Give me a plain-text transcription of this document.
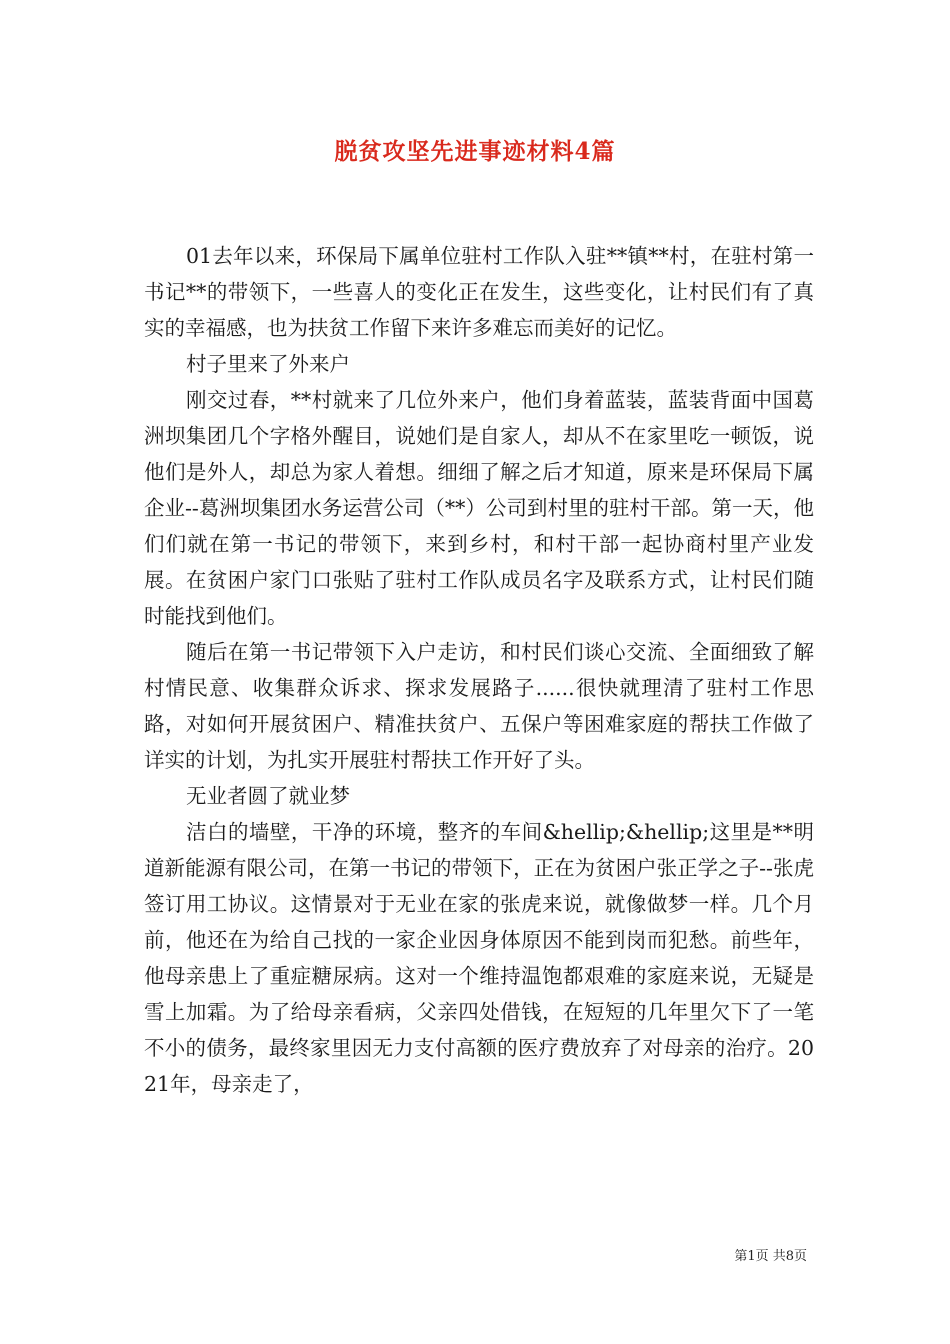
脱贫攻坚先进事迹材料4篇

01去年以来，环保局下属单位驻村工作队入驻**镇**村，在驻村第一书记**的带领下，一些喜人的变化正在发生，这些变化，让村民们有了真实的幸福感，也为扶贫工作留下来许多难忘而美好的记忆。

村子里来了外来户

刚交过春，**村就来了几位外来户，他们身着蓝装，蓝装背面中国葛洲坝集团几个字格外醒目，说她们是自家人，却从不在家里吃一顿饭，说他们是外人，却总为家人着想。细细了解之后才知道，原来是环保局下属企业--葛洲坝集团水务运营公司（**）公司到村里的驻村干部。第一天，他们们就在第一书记的带领下，来到乡村，和村干部一起协商村里产业发展。在贫困户家门口张贴了驻村工作队成员名字及联系方式，让村民们随时能找到他们。

随后在第一书记带领下入户走访，和村民们谈心交流、全面细致了解村情民意、收集群众诉求、探求发展路子......很快就理清了驻村工作思路，对如何开展贫困户、精准扶贫户、五保户等困难家庭的帮扶工作做了详实的计划，为扎实开展驻村帮扶工作开好了头。

无业者圆了就业梦

洁白的墙壁，干净的环境，整齐的车间&hellip;&hellip;这里是**明道新能源有限公司，在第一书记的带领下，正在为贫困户张正学之子--张虎签订用工协议。这情景对于无业在家的张虎来说，就像做梦一样。几个月前，他还在为给自己找的一家企业因身体原因不能到岗而犯愁。前些年，他母亲患上了重症糖尿病。这对一个维持温饱都艰难的家庭来说，无疑是雪上加霜。为了给母亲看病，父亲四处借钱，在短短的几年里欠下了一笔不小的债务，最终家里因无力支付高额的医疗费放弃了对母亲的治疗。2021年，母亲走了，

第1页 共8页
